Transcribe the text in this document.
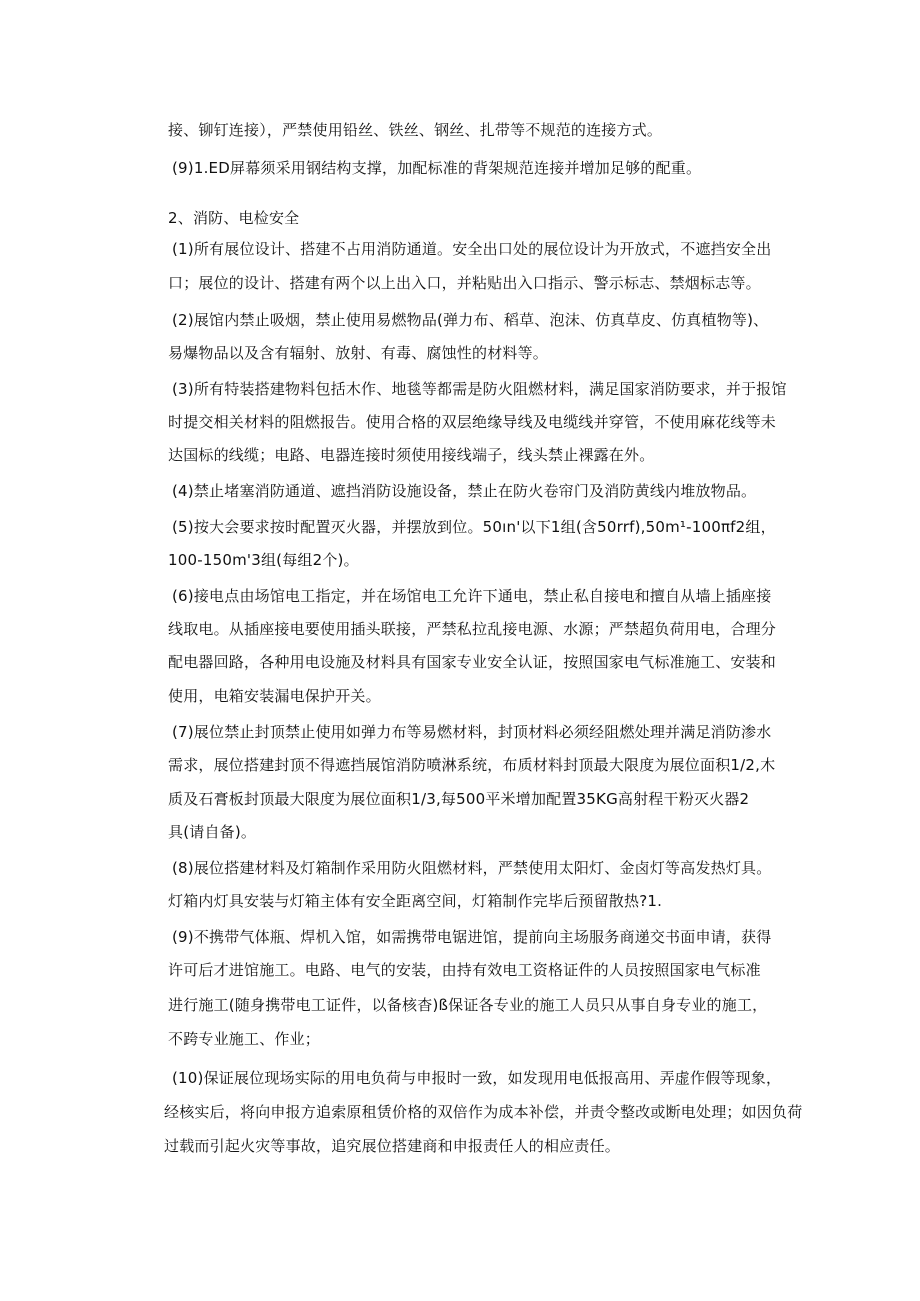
接、铆钉连接），严禁使用铅丝、铁丝、钢丝、扎带等不规范的连接方式。
(9)1.ED屏幕须采用钢结构支撑，加配标准的背架规范连接并增加足够的配重。
2、消防、电检安全
(1)所有展位设计、搭建不占用消防通道。安全出口处的展位设计为开放式，不遮挡安全出
口；展位的设计、搭建有两个以上出入口，并粘贴出入口指示、警示标志、禁烟标志等。
(2)展馆内禁止吸烟，禁止使用易燃物品(弹力布、稻草、泡沫、仿真草皮、仿真植物等)、
易爆物品以及含有辐射、放射、有毒、腐蚀性的材料等。
(3)所有特装搭建物料包括木作、地毯等都需是防火阻燃材料，满足国家消防要求，并于报馆
时提交相关材料的阻燃报告。使用合格的双层绝缘导线及电缆线并穿管，不使用麻花线等未
达国标的线缆；电路、电器连接时须使用接线端子，线头禁止裸露在外。
(4)禁止堵塞消防通道、遮挡消防设施设备，禁止在防火卷帘门及消防黄线内堆放物品。
(5)按大会要求按时配置灭火器，并摆放到位。50ın'以下1组(含50rrf),50m¹-100πf2组，
100-150m'3组(每组2个)。
(6)接电点由场馆电工指定，并在场馆电工允许下通电，禁止私自接电和擅自从墙上插座接
线取电。从插座接电要使用插头联接，严禁私拉乱接电源、水源；严禁超负荷用电，合理分
配电器回路，各种用电设施及材料具有国家专业安全认证，按照国家电气标准施工、安装和
使用，电箱安装漏电保护开关。
(7)展位禁止封顶禁止使用如弹力布等易燃材料，封顶材料必须经阻燃处理并满足消防渗水
需求，展位搭建封顶不得遮挡展馆消防喷淋系统，布质材料封顶最大限度为展位面积1/2,木
质及石膏板封顶最大限度为展位面积1/3,每500平米增加配置35KG高射程干粉灭火器2
具(请自备)。
(8)展位搭建材料及灯箱制作采用防火阻燃材料，严禁使用太阳灯、金卤灯等高发热灯具。
灯箱内灯具安装与灯箱主体有安全距离空间，灯箱制作完毕后预留散热?1.
(9)不携带气体瓶、焊机入馆，如需携带电锯进馆，提前向主场服务商递交书面申请，获得
许可后才进馆施工。电路、电气的安装，由持有效电工资格证件的人员按照国家电气标准
进行施工(随身携带电工证件，以备核杳)ß保证各专业的施工人员只从事自身专业的施工，
不跨专业施工、作业；
(10)保证展位现场实际的用电负荷与申报时一致，如发现用电低报高用、弄虚作假等现象，
经核实后，将向申报方追索原租赁价格的双倍作为成本补偿，并责令整改或断电处理；如因负荷
过载而引起火灾等事故，追究展位搭建商和申报责任人的相应责任。
